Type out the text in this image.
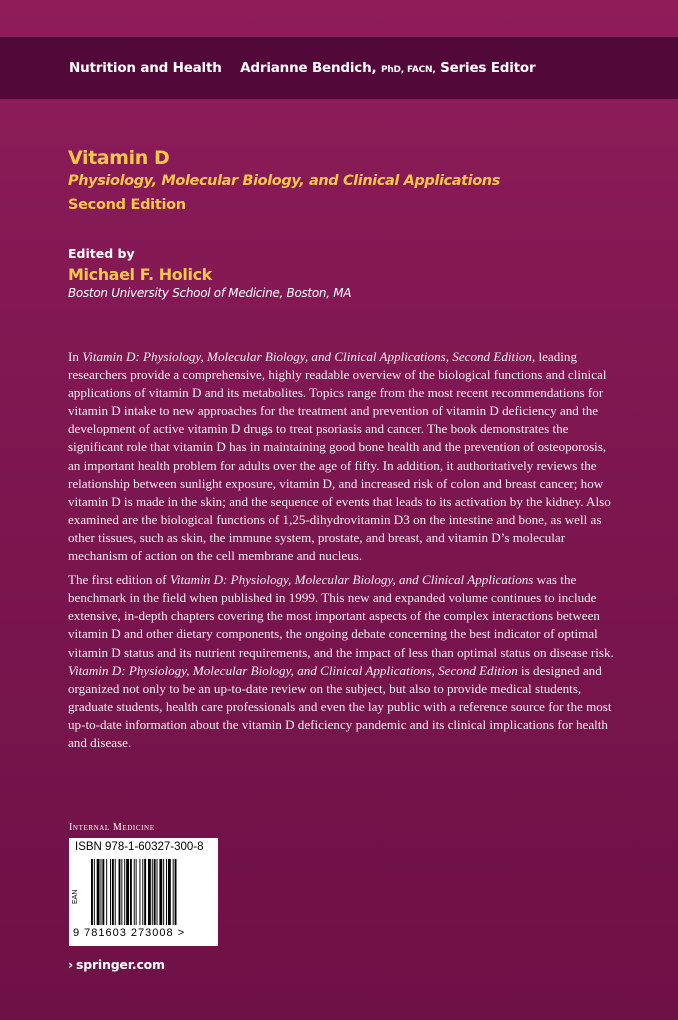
Nutrition and Health Adrianne Bendich, PhD, FACN, Series Editor
Vitamin D
Physiology, Molecular Biology, and Clinical Applications
Second Edition
Edited by
Michael F. Holick
Boston University School of Medicine, Boston, MA

In Vitamin D: Physiology, Molecular Biology, and Clinical Applications, Second Edition, leading researchers provide a comprehensive, highly readable overview of the biological functions and clinical applications of vitamin D and its metabolites. Topics range from the most recent recommendations for vitamin D intake to new approaches for the treatment and prevention of vitamin D deficiency and the development of active vitamin D drugs to treat psoriasis and cancer. The book demonstrates the significant role that vitamin D has in maintaining good bone health and the prevention of osteoporosis, an important health problem for adults over the age of fifty. In addition, it authoritatively reviews the relationship between sunlight exposure, vitamin D, and increased risk of colon and breast cancer; how vitamin D is made in the skin; and the sequence of events that leads to its activation by the kidney. Also examined are the biological functions of 1,25-dihydrovitamin D3 on the intestine and bone, as well as other tissues, such as skin, the immune system, prostate, and breast, and vitamin D’s molecular mechanism of action on the cell membrane and nucleus.

The first edition of Vitamin D: Physiology, Molecular Biology, and Clinical Applications was the benchmark in the field when published in 1999. This new and expanded volume continues to include extensive, in-depth chapters covering the most important aspects of the complex interactions between vitamin D and other dietary components, the ongoing debate concerning the best indicator of optimal vitamin D status and its nutrient requirements, and the impact of less than optimal status on disease risk. Vitamin D: Physiology, Molecular Biology, and Clinical Applications, Second Edition is designed and organized not only to be an up-to-date review on the subject, but also to provide medical students, graduate students, health care professionals and even the lay public with a reference source for the most up-to-date information about the vitamin D deficiency pandemic and its clinical implications for health and disease.

Internal Medicine
ISBN 978-1-60327-300-8
EAN
9 781603 273008 >
› springer.com
